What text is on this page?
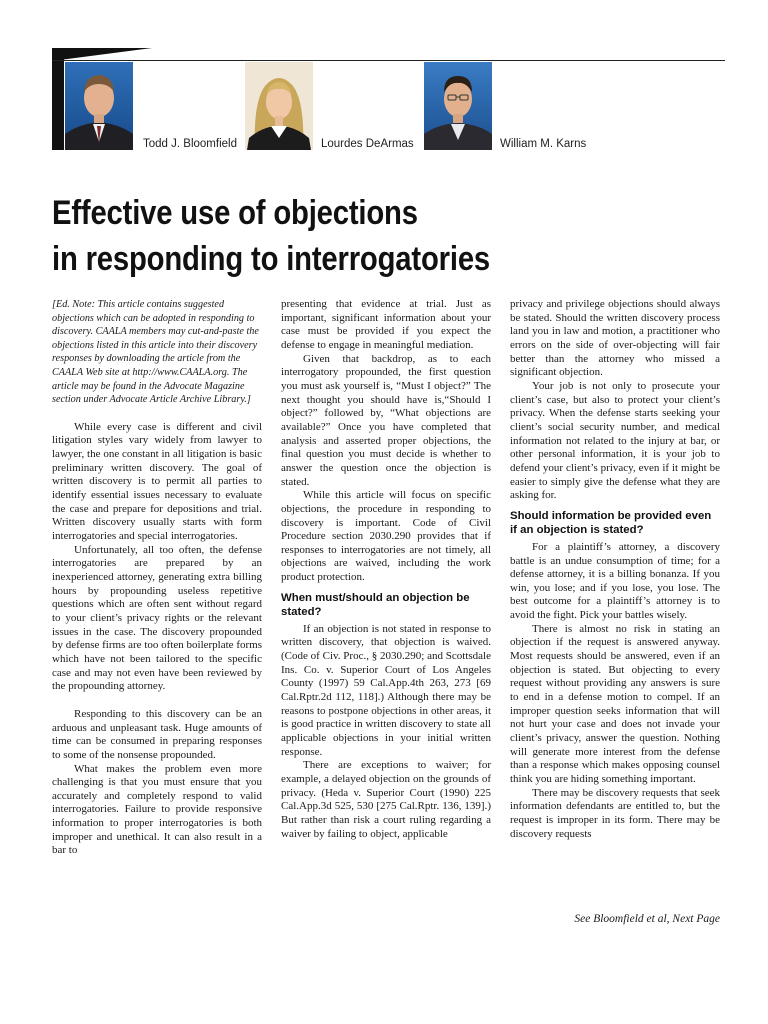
Todd J. Bloomfield	Lourdes DeArmas	William M. Karns
Effective use of objections
in responding to interrogatories

[Ed. Note: This article contains suggested objections which can be adopted in responding to discovery. CAALA members may cut-and-paste the objections listed in this article into their discovery responses by downloading the article from the CAALA Web site at http://www.CAALA.org. The article may be found in the Advocate Magazine section under Advocate Article Archive Library.]

While every case is different and civil litigation styles vary widely from lawyer to lawyer, the one constant in all litigation is basic preliminary written discovery. The goal of written discovery is to permit all parties to identify essential issues necessary to evaluate the case and prepare for depositions and trial. Written discovery usually starts with form interrogatories and special interrogatories.

Unfortunately, all too often, the defense interrogatories are prepared by an inexperienced attorney, generating extra billing hours by propounding useless repetitive questions which are often sent without regard to your client’s privacy rights or the relevant issues in the case. The discovery propounded by defense firms are too often boilerplate forms which have not been tailored to the specific case and may not even have been reviewed by the propounding attorney.

Responding to this discovery can be an arduous and unpleasant task. Huge amounts of time can be consumed in preparing responses to some of the nonsense propounded.

What makes the problem even more challenging is that you must ensure that you accurately and completely respond to valid interrogatories. Failure to provide responsive information to proper interrogatories is both improper and unethical. It can also result in a bar to

presenting that evidence at trial. Just as important, significant information about your case must be provided if you expect the defense to engage in meaningful mediation.

Given that backdrop, as to each interrogatory propounded, the first question you must ask yourself is, “Must I object?” The next thought you should have is,“Should I object?” followed by, “What objections are available?” Once you have completed that analysis and asserted proper objections, the final question you must decide is whether to answer the question once the objection is stated.

While this article will focus on specific objections, the procedure in responding to discovery is important. Code of Civil Procedure section 2030.290 provides that if responses to interrogatories are not timely, all objections are waived, including the work product protection.

When must/should an objection be stated?

If an objection is not stated in response to written discovery, that objection is waived. (Code of Civ. Proc., § 2030.290; and Scottsdale Ins. Co. v. Superior Court of Los Angeles County (1997) 59 Cal.App.4th 263, 273 [69 Cal.Rptr.2d 112, 118].) Although there may be reasons to postpone objections in other areas, it is good practice in written discovery to state all applicable objections in your initial written response.

There are exceptions to waiver; for example, a delayed objection on the grounds of privacy. (Heda v. Superior Court (1990) 225 Cal.App.3d 525, 530 [275 Cal.Rptr. 136, 139].) But rather than risk a court ruling regarding a waiver by failing to object, applicable

privacy and privilege objections should always be stated. Should the written discovery process land you in law and motion, a practitioner who errors on the side of over-objecting will fair better than the attorney who missed a significant objection.

Your job is not only to prosecute your client’s case, but also to protect your client’s privacy. When the defense starts seeking your client’s social security number, and medical information not related to the injury at bar, or other personal information, it is your job to defend your client’s privacy, even if it might be easier to simply give the defense what they are asking for.

Should information be provided even if an objection is stated?

For a plaintiff’s attorney, a discovery battle is an undue consumption of time; for a defense attorney, it is a billing bonanza. If you win, you lose; and if you lose, you lose. The best outcome for a plaintiff’s attorney is to avoid the fight. Pick your battles wisely.

There is almost no risk in stating an objection if the request is answered anyway. Most requests should be answered, even if an objection is stated. But objecting to every request without providing any answers is sure to end in a defense motion to compel. If an improper question seeks information that will not hurt your case and does not invade your client’s privacy, answer the question. Nothing will generate more interest from the defense than a response which makes opposing counsel think you are hiding something important.

There may be discovery requests that seek information defendants are entitled to, but the request is improper in its form. There may be discovery requests

See Bloomfield et al, Next Page
